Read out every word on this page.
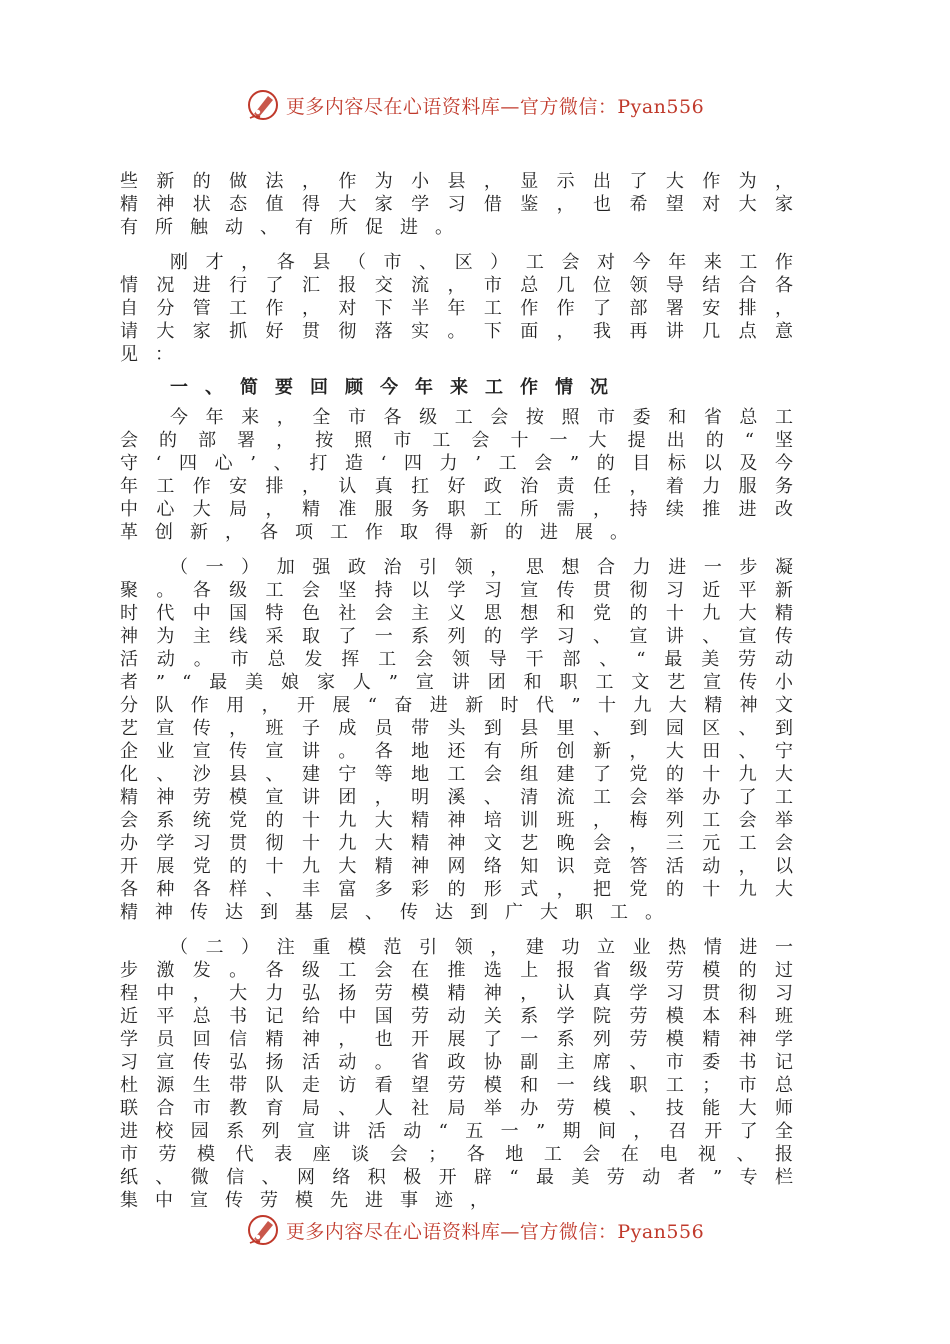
更多内容尽在心语资料库—官方微信：Pyan556

些新的做法，作为小县，显示出了大作为，精神状态值得大家学习借鉴，也希望对大家有所触动、有所促进。

刚才，各县（市、区）工会对今年来工作情况进行了汇报交流，市总几位领导结合各自分管工作，对下半年工作作了部署安排，请大家抓好贯彻落实。下面，我再讲几点意见：

一、简要回顾今年来工作情况

今年来，全市各级工会按照市委和省总工会的部署，按照市工会十一大提出的“坚守‘四心’、打造‘四力’工会”的目标以及今年工作安排，认真扛好政治责任，着力服务中心大局，精准服务职工所需，持续推进改革创新，各项工作取得新的进展。

（一）加强政治引领，思想合力进一步凝聚。各级工会坚持以学习宣传贯彻习近平新时代中国特色社会主义思想和党的十九大精神为主线采取了一系列的学习、宣讲、宣传活动。市总发挥工会领导干部、“最美劳动者”“最美娘家人”宣讲团和职工文艺宣传小分队作用，开展“奋进新时代”十九大精神文艺宣传，班子成员带头到县里、到园区、到企业宣传宣讲。各地还有所创新，大田、宁化、沙县、建宁等地工会组建了党的十九大精神劳模宣讲团，明溪、清流工会举办了工会系统党的十九大精神培训班，梅列工会举办学习贯彻十九大精神文艺晚会，三元工会开展党的十九大精神网络知识竞答活动，以各种各样、丰富多彩的形式，把党的十九大精神传达到基层、传达到广大职工。

（二）注重模范引领，建功立业热情进一步激发。各级工会在推选上报省级劳模的过程中，大力弘扬劳模精神，认真学习贯彻习近平总书记给中国劳动关系学院劳模本科班学员回信精神，也开展了一系列劳模精神学习宣传弘扬活动。省政协副主席、市委书记杜源生带队走访看望劳模和一线职工；市总联合市教育局、人社局举办劳模、技能大师进校园系列宣讲活动“五一”期间，召开了全市劳模代表座谈会；各地工会在电视、报纸、微信、网络积极开辟“最美劳动者”专栏集中宣传劳模先进事迹，

更多内容尽在心语资料库—官方微信：Pyan556
